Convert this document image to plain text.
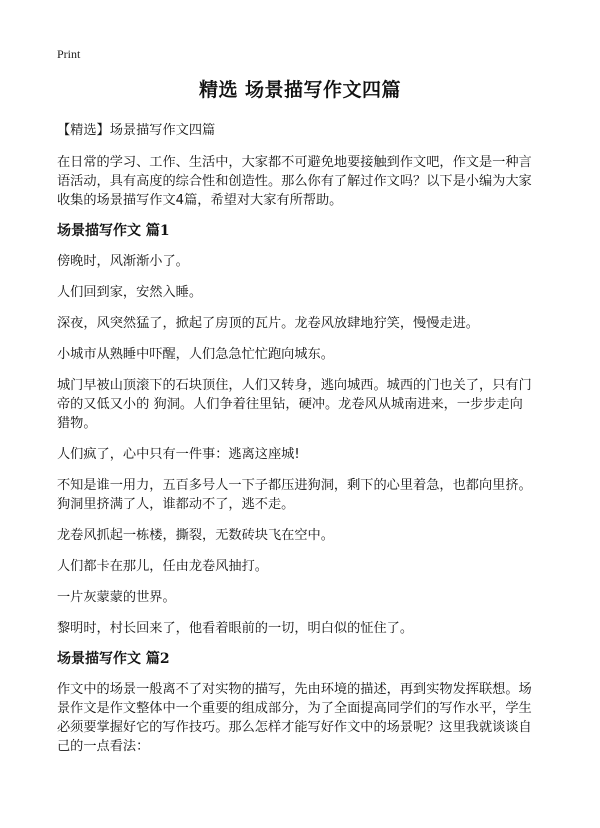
Print
精选 场景描写作文四篇
【精选】场景描写作文四篇
在日常的学习、工作、生活中，大家都不可避免地要接触到作文吧，作文是一种言
语活动，具有高度的综合性和创造性。那么你有了解过作文吗？以下是小编为大家
收集的场景描写作文4篇，希望对大家有所帮助。
场景描写作文 篇1
傍晚时，风渐渐小了。
人们回到家，安然入睡。
深夜，风突然猛了，掀起了房顶的瓦片。龙卷风放肆地狞笑，慢慢走进。
小城市从熟睡中吓醒，人们急急忙忙跑向城东。
城门早被山顶滚下的石块顶住，人们又转身，逃向城西。城西的门也关了，只有门
帝的又低又小的 狗洞。人们争着往里钻，硬冲。龙卷风从城南进来，一步步走向
猎物。
人们疯了，心中只有一件事：逃离这座城!
不知是谁一用力，五百多号人一下子都压进狗洞，剩下的心里着急，也都向里挤。
狗洞里挤满了人，谁都动不了，逃不走。
龙卷风抓起一栋楼，撕裂，无数砖块飞在空中。
人们都卡在那儿，任由龙卷风抽打。
一片灰蒙蒙的世界。
黎明时，村长回来了，他看着眼前的一切，明白似的怔住了。
场景描写作文 篇2
作文中的场景一般离不了对实物的描写，先由环境的描述，再到实物发挥联想。场
景作文是作文整体中一个重要的组成部分，为了全面提高同学们的写作水平，学生
必须要掌握好它的写作技巧。那么怎样才能写好作文中的场景呢？这里我就谈谈自
己的一点看法：
